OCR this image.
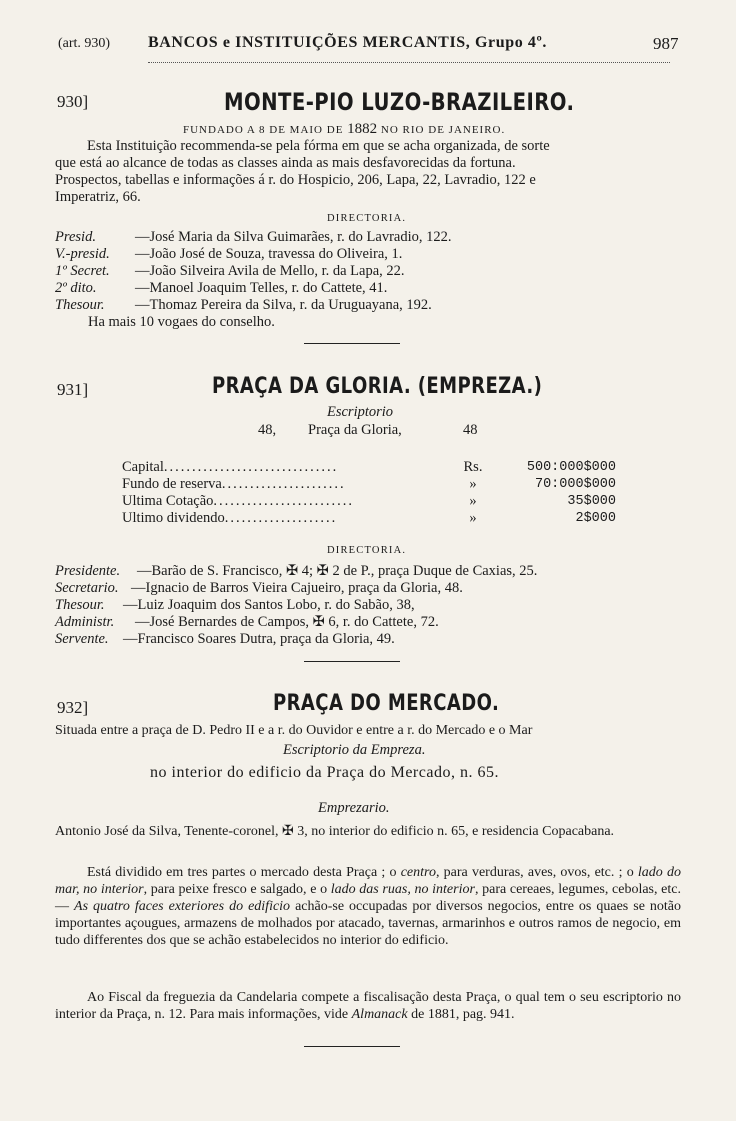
(art. 930) BANCOS e INSTITUIÇÕES MERCANTIS, Grupo 4º.	987
930]	MONTE-PIO LUZO-BRAZILEIRO.
FUNDADO A 8 DE MAIO DE 1882 NO RIO DE JANEIRO.
Esta Instituição recommenda-se pela fórma em que se acha organizada, de sorte
que está ao alcance de todas as classes ainda as mais desfavorecidas da fortuna.
Prospectos, tabellas e informações á r. do Hospicio, 206, Lapa, 22, Lavradio, 122 e
Imperatriz, 66.
DIRECTORIA.
Presid.	—José Maria da Silva Guimarães, r. do Lavradio, 122.
V.-presid. —João José de Souza, travessa do Oliveira, 1.
1º Secret. —João Silveira Avila de Mello, r. da Lapa, 22.
2º dito.	—Manoel Joaquim Telles, r. do Cattete, 41.
Thesour. —Thomaz Pereira da Silva, r. da Uruguayana, 192.
Ha mais 10 vogaes do conselho.
931]	PRAÇA DA GLORIA. (EMPREZA.)
Escriptorio
48, Praça da Gloria,	48
Capital...............................	Rs.	500:000$000
Fundo de reserva......................	»	70:000$000
Ultima Cotação.........................	»	35$000
Ultimo dividendo....................	»	2$000
DIRECTORIA.
Presidente. —Barão de S. Francisco, ✠ 4; ✠ 2 de P., praça Duque de Caxias, 25.
Secretario. —Ignacio de Barros Vieira Cajueiro, praça da Gloria, 48.
Thesour. —Luiz Joaquim dos Santos Lobo, r. do Sabão, 38,
Administr. —José Bernardes de Campos, ✠ 6, r. do Cattete, 72.
Servente. —Francisco Soares Dutra, praça da Gloria, 49.
932]	PRAÇA DO MERCADO.
Situada entre a praça de D. Pedro II e a r. do Ouvidor e entre a r. do Mercado e o Mar
Escriptorio da Empreza.
no interior do edificio da Praça do Mercado, n. 65.
Emprezario.
Antonio José da Silva, Tenente-coronel, ✠ 3, no interior do edificio n. 65, e residencia Copacabana.
Está dividido em tres partes o mercado desta Praça ; o centro, para verduras, aves, ovos, etc. ; o lado do mar, no interior, para peixe fresco e salgado, e o lado das ruas, no interior, para cereaes, legumes, cebolas, etc. — As quatro faces exteriores do edificio achão-se occupadas por diversos negocios, entre os quaes se notão importantes açougues, armazens de molhados por atacado, tavernas, armarinhos e outros ramos de negocio, em tudo differentes dos que se achão estabelecidos no interior do edificio.
Ao Fiscal da freguezia da Candelaria compete a fiscalisação desta Praça, o qual tem o seu escriptorio no interior da Praça, n. 12. Para mais informações, vide Almanack de 1881, pag. 941.
